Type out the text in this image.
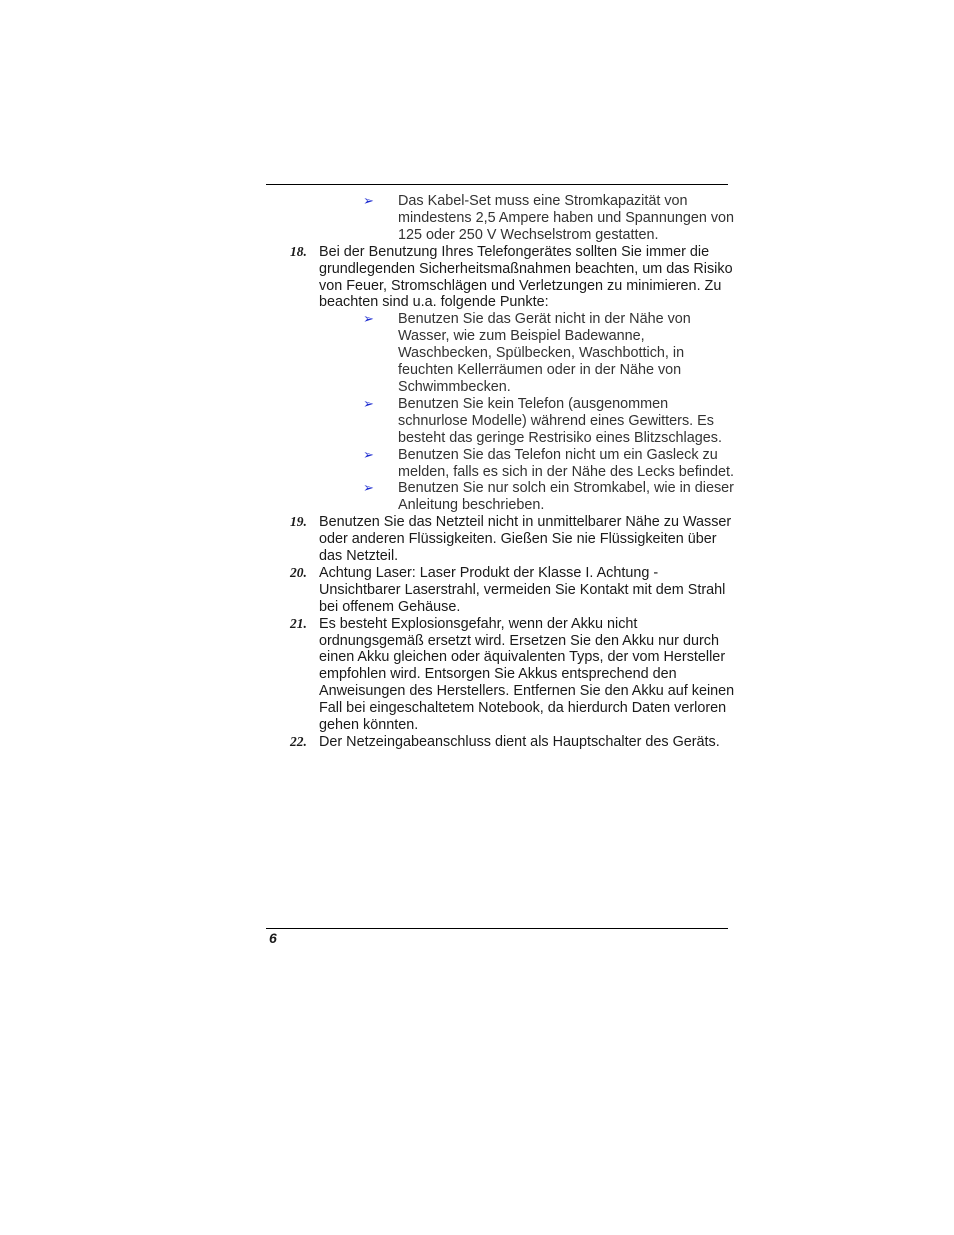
➢ Das Kabel-Set muss eine Stromkapazität von mindestens 2,5 Ampere haben und Spannungen von 125 oder 250 V Wechselstrom gestatten.
18. Bei der Benutzung Ihres Telefongerätes sollten Sie immer die grundlegenden Sicherheitsmaßnahmen beachten, um das Risiko von Feuer, Stromschlägen und Verletzungen zu minimieren. Zu beachten sind u.a. folgende Punkte:
➢ Benutzen Sie das Gerät nicht in der Nähe von Wasser, wie zum Beispiel Badewanne, Waschbecken, Spülbecken, Waschbottich, in feuchten Kellerräumen oder in der Nähe von Schwimmbecken.
➢ Benutzen Sie kein Telefon (ausgenommen schnurlose Modelle) während eines Gewitters. Es besteht das geringe Restrisiko eines Blitzschlages.
➢ Benutzen Sie das Telefon nicht um ein Gasleck zu melden, falls es sich in der Nähe des Lecks befindet.
➢ Benutzen Sie nur solch ein Stromkabel, wie in dieser Anleitung beschrieben.
19. Benutzen Sie das Netzteil nicht in unmittelbarer Nähe zu Wasser oder anderen Flüssigkeiten. Gießen Sie nie Flüssigkeiten über das Netzteil.
20. Achtung Laser: Laser Produkt der Klasse I. Achtung - Unsichtbarer Laserstrahl, vermeiden Sie Kontakt mit dem Strahl bei offenem Gehäuse.
21. Es besteht Explosionsgefahr, wenn der Akku nicht ordnungsgemäß ersetzt wird. Ersetzen Sie den Akku nur durch einen Akku gleichen oder äquivalenten Typs, der vom Hersteller empfohlen wird. Entsorgen Sie Akkus entsprechend den Anweisungen des Herstellers. Entfernen Sie den Akku auf keinen Fall bei eingeschaltetem Notebook, da hierdurch Daten verloren gehen könnten.
22. Der Netzeingabeanschluss dient als Hauptschalter des Geräts.
6
